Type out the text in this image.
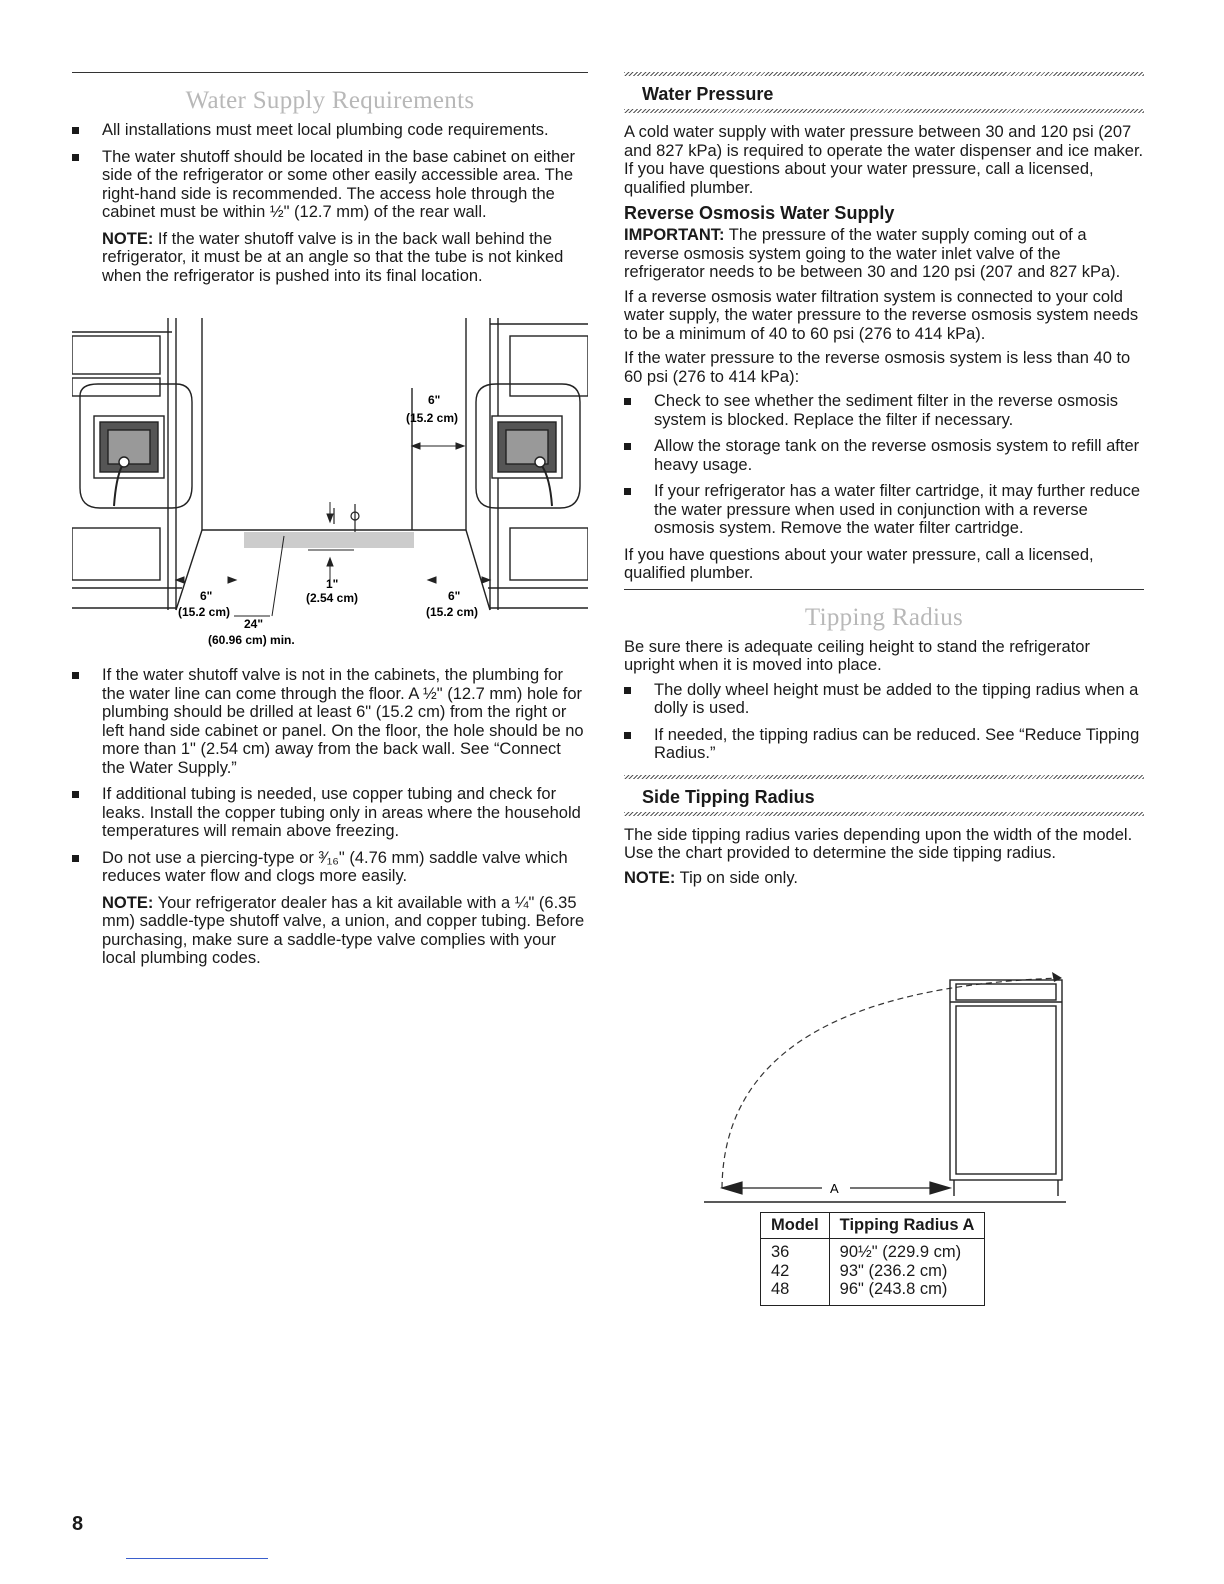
Water Supply Requirements
All installations must meet local plumbing code requirements.
The water shutoff should be located in the base cabinet on either side of the refrigerator or some other easily accessible area. The right-hand side is recommended. The access hole through the cabinet must be within ½" (12.7 mm) of the rear wall.

NOTE: If the water shutoff valve is in the back wall behind the refrigerator, it must be at an angle so that the tube is not kinked when the refrigerator is pushed into its final location.

6"
(15.2 cm)
1"
(2.54 cm)
6"
(15.2 cm)
24"
(60.96 cm) min.
6"
(15.2 cm)
If the water shutoff valve is not in the cabinets, the plumbing for the water line can come through the floor. A ½" (12.7 mm) hole for plumbing should be drilled at least 6" (15.2 cm) from the right or left hand side cabinet or panel. On the floor, the hole should be no more than 1" (2.54 cm) away from the back wall. See “Connect the Water Supply.”
If additional tubing is needed, use copper tubing and check for leaks. Install the copper tubing only in areas where the household temperatures will remain above freezing.
Do not use a piercing-type or ³⁄₁₆" (4.76 mm) saddle valve which reduces water flow and clogs more easily.

NOTE: Your refrigerator dealer has a kit available with a ¼" (6.35 mm) saddle-type shutoff valve, a union, and copper tubing. Before purchasing, make sure a saddle-type valve complies with your local plumbing codes.

Water Pressure

A cold water supply with water pressure between 30 and 120 psi (207 and 827 kPa) is required to operate the water dispenser and ice maker. If you have questions about your water pressure, call a licensed, qualified plumber.

Reverse Osmosis Water Supply

IMPORTANT: The pressure of the water supply coming out of a reverse osmosis system going to the water inlet valve of the refrigerator needs to be between 30 and 120 psi (207 and 827 kPa).

If a reverse osmosis water filtration system is connected to your cold water supply, the water pressure to the reverse osmosis system needs to be a minimum of 40 to 60 psi (276 to 414 kPa).

If the water pressure to the reverse osmosis system is less than 40 to 60 psi (276 to 414 kPa):

Check to see whether the sediment filter in the reverse osmosis system is blocked. Replace the filter if necessary.
Allow the storage tank on the reverse osmosis system to refill after heavy usage.
If your refrigerator has a water filter cartridge, it may further reduce the water pressure when used in conjunction with a reverse osmosis system. Remove the water filter cartridge.

If you have questions about your water pressure, call a licensed, qualified plumber.

Tipping Radius

Be sure there is adequate ceiling height to stand the refrigerator upright when it is moved into place.

The dolly wheel height must be added to the tipping radius when a dolly is used.
If needed, the tipping radius can be reduced. See “Reduce Tipping Radius.”
Side Tipping Radius

The side tipping radius varies depending upon the width of the model. Use the chart provided to determine the side tipping radius.

NOTE: Tip on side only.

A
Model	Tipping Radius A
36	90½" (229.9 cm)
42	93" (236.2 cm)
48	96" (243.8 cm)
8
